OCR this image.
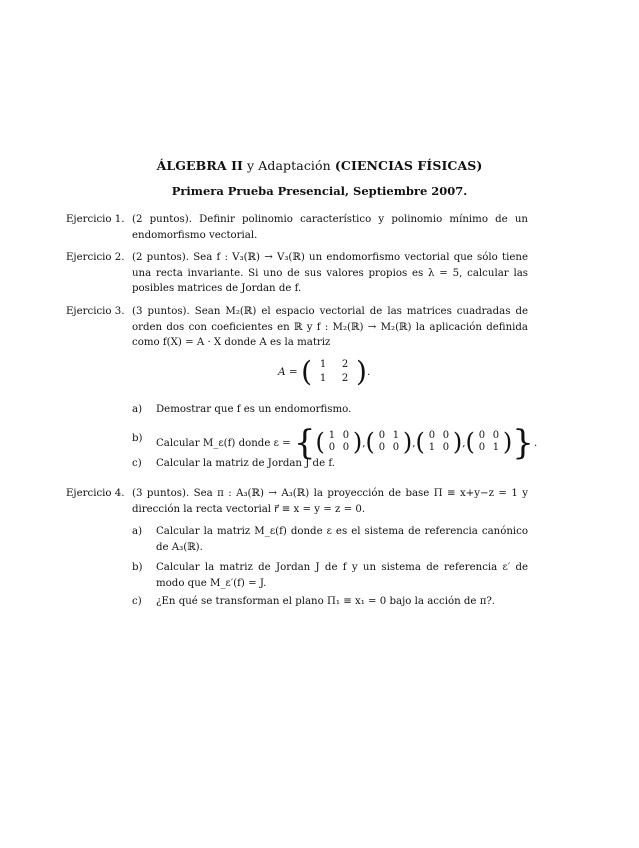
ÁLGEBRA II y Adaptación (CIENCIAS FÍSICAS)
Primera Prueba Presencial, Septiembre 2007.
Ejercicio 1. (2 puntos). Definir polinomio característico y polinomio mínimo de un endomorfismo vectorial.

Ejercicio 2. (2 puntos). Sea f : V₃(ℝ) → V₃(ℝ) un endomorfismo vectorial que sólo tiene una recta invariante. Si uno de sus valores propios es λ = 5, calcular las posibles matrices de Jordan de f.

Ejercicio 3. (3 puntos). Sean M₂(ℝ) el espacio vectorial de las matrices cuadradas de orden dos con coeficientes en ℝ y f : M₂(ℝ) → M₂(ℝ) la aplicación definida como f(X) = A · X donde A es la matriz

A = ( 1	2
1	2 ).
a) Demostrar que f es un endomorfismo.
b) Calcular M_ε(f) donde ε = {( 1 0
0 0 ),( 0 1
0 0 ),( 0 0
1 0 ),( 0 0
0 1 )}.
c) Calcular la matriz de Jordan J de f.
Ejercicio 4. (3 puntos). Sea π : A₃(ℝ) → A₃(ℝ) la proyección de base Π ≡ x+y−z = 1 y dirección la recta vectorial r⃗ ≡ x = y = z = 0.

a) Calcular la matriz M_ε(f) donde ε es el sistema de referencia canónico de A₃(ℝ).
b) Calcular la matriz de Jordan J de f y un sistema de referencia ε′ de modo que M_ε′(f) = J.
c) ¿En qué se transforman el plano Π₁ ≡ x₁ = 0 bajo la acción de π?.
